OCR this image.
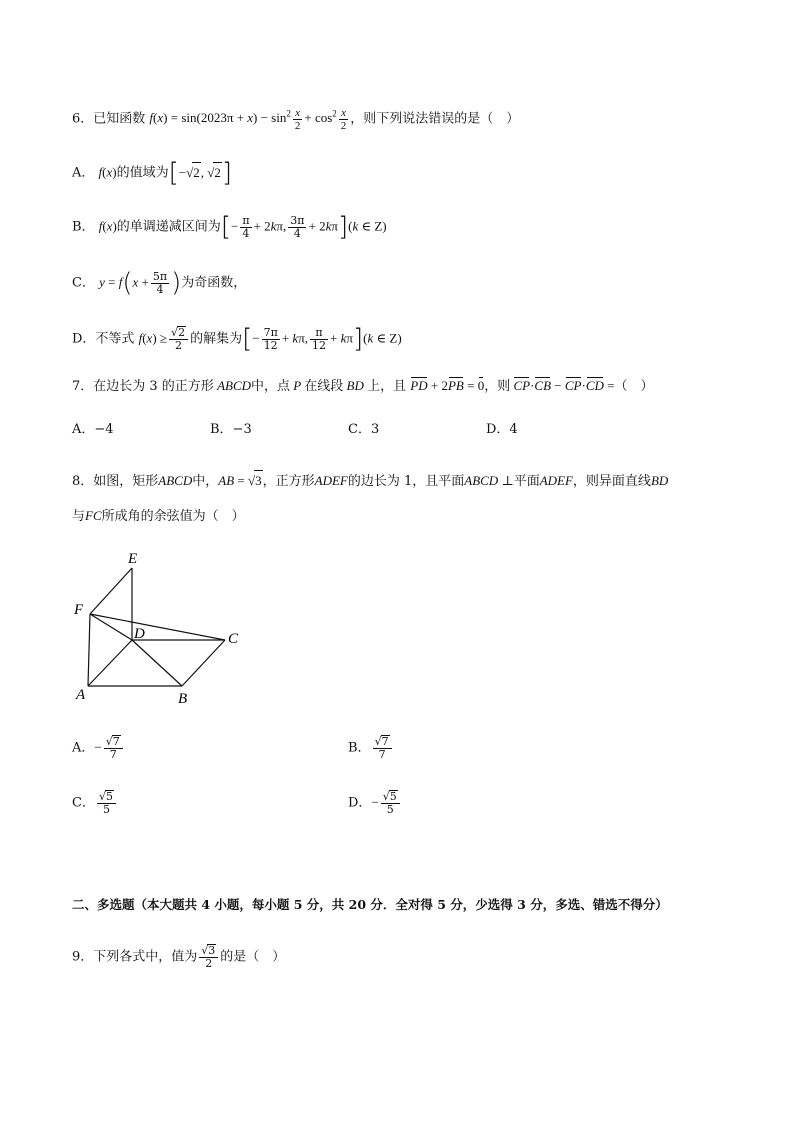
6．已知函数 $f(x) = \sin(2023\pi + x) - \sin^2 \frac{x}{2} + \cos^2 \frac{x}{2}$ ，则下列说法错误的是（　）
A． f(x)的值域为[−√2, √2]
B． f(x)的单调递减区间为[− $\frac{\pi}{4} + 2k\pi$, $\frac{3\pi}{4} + 2k\pi](k$ ∈ Z)
C． $y = f(x + \frac{5\pi}{4}$ )为奇函数，
D．不等式 $f(x) \ge \frac{√2}{2}$ 的解集为[− $\frac{7\pi}{12} + k\pi$, $\frac{\pi}{12} + k\pi](k$ ∈ Z)
7．在边长为 3 的正方形 ABCD中，点 P 在线段 BD 上，且 PD + 2PB = 0，则 CP·CB − CP·CD =（　）
A．−4	B．−3	C．3	D．4
8．如图，矩形ABCD中，AB = √3，正方形ADEF的边长为 1，且平面ABCD ⊥平面ADEF，则异面直线BD
与FC所成角的余弦值为（　）
E
F
D	C
A	B
A．− $\frac{√7}{7}$	B． $\frac{√7}{7}$
C． $\frac{√5}{5}$	D．− $\frac{√5}{5}$
二、多选题（本大题共 4 小题，每小题 5 分，共 20 分．全对得 5 分，少选得 3 分，多选、错选不得分）
9．下列各式中，值为 $\frac{√3}{2}$ 的是（　）
